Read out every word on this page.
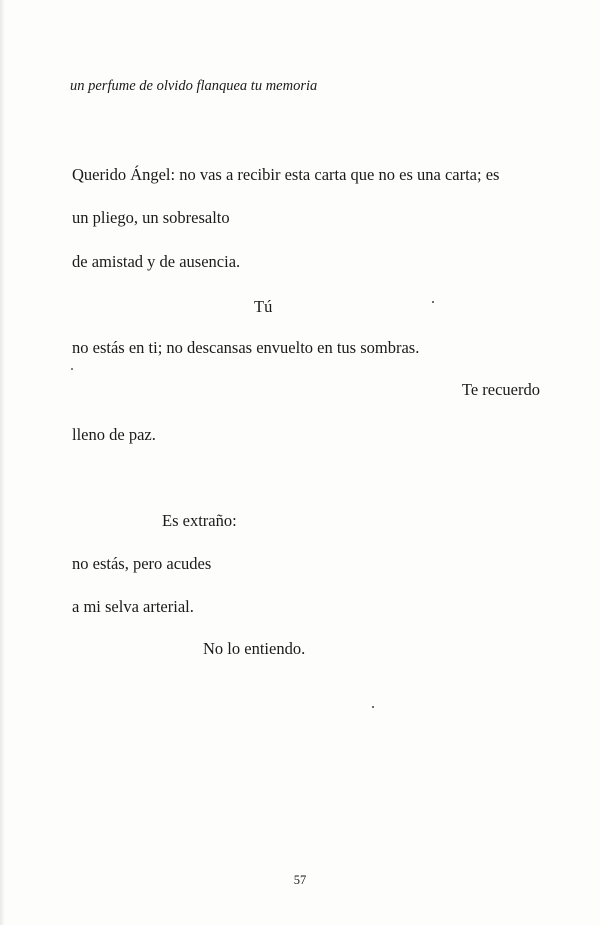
un perfume de olvido flanquea tu memoria
Querido Ángel: no vas a recibir esta carta que no es una carta; es
un pliego, un sobresalto
de amistad y de ausencia.
Tú
no estás en ti; no descansas envuelto en tus sombras.
Te recuerdo
lleno de paz.
Es extraño:
no estás, pero acudes
a mi selva arterial.
No lo entiendo.
57
